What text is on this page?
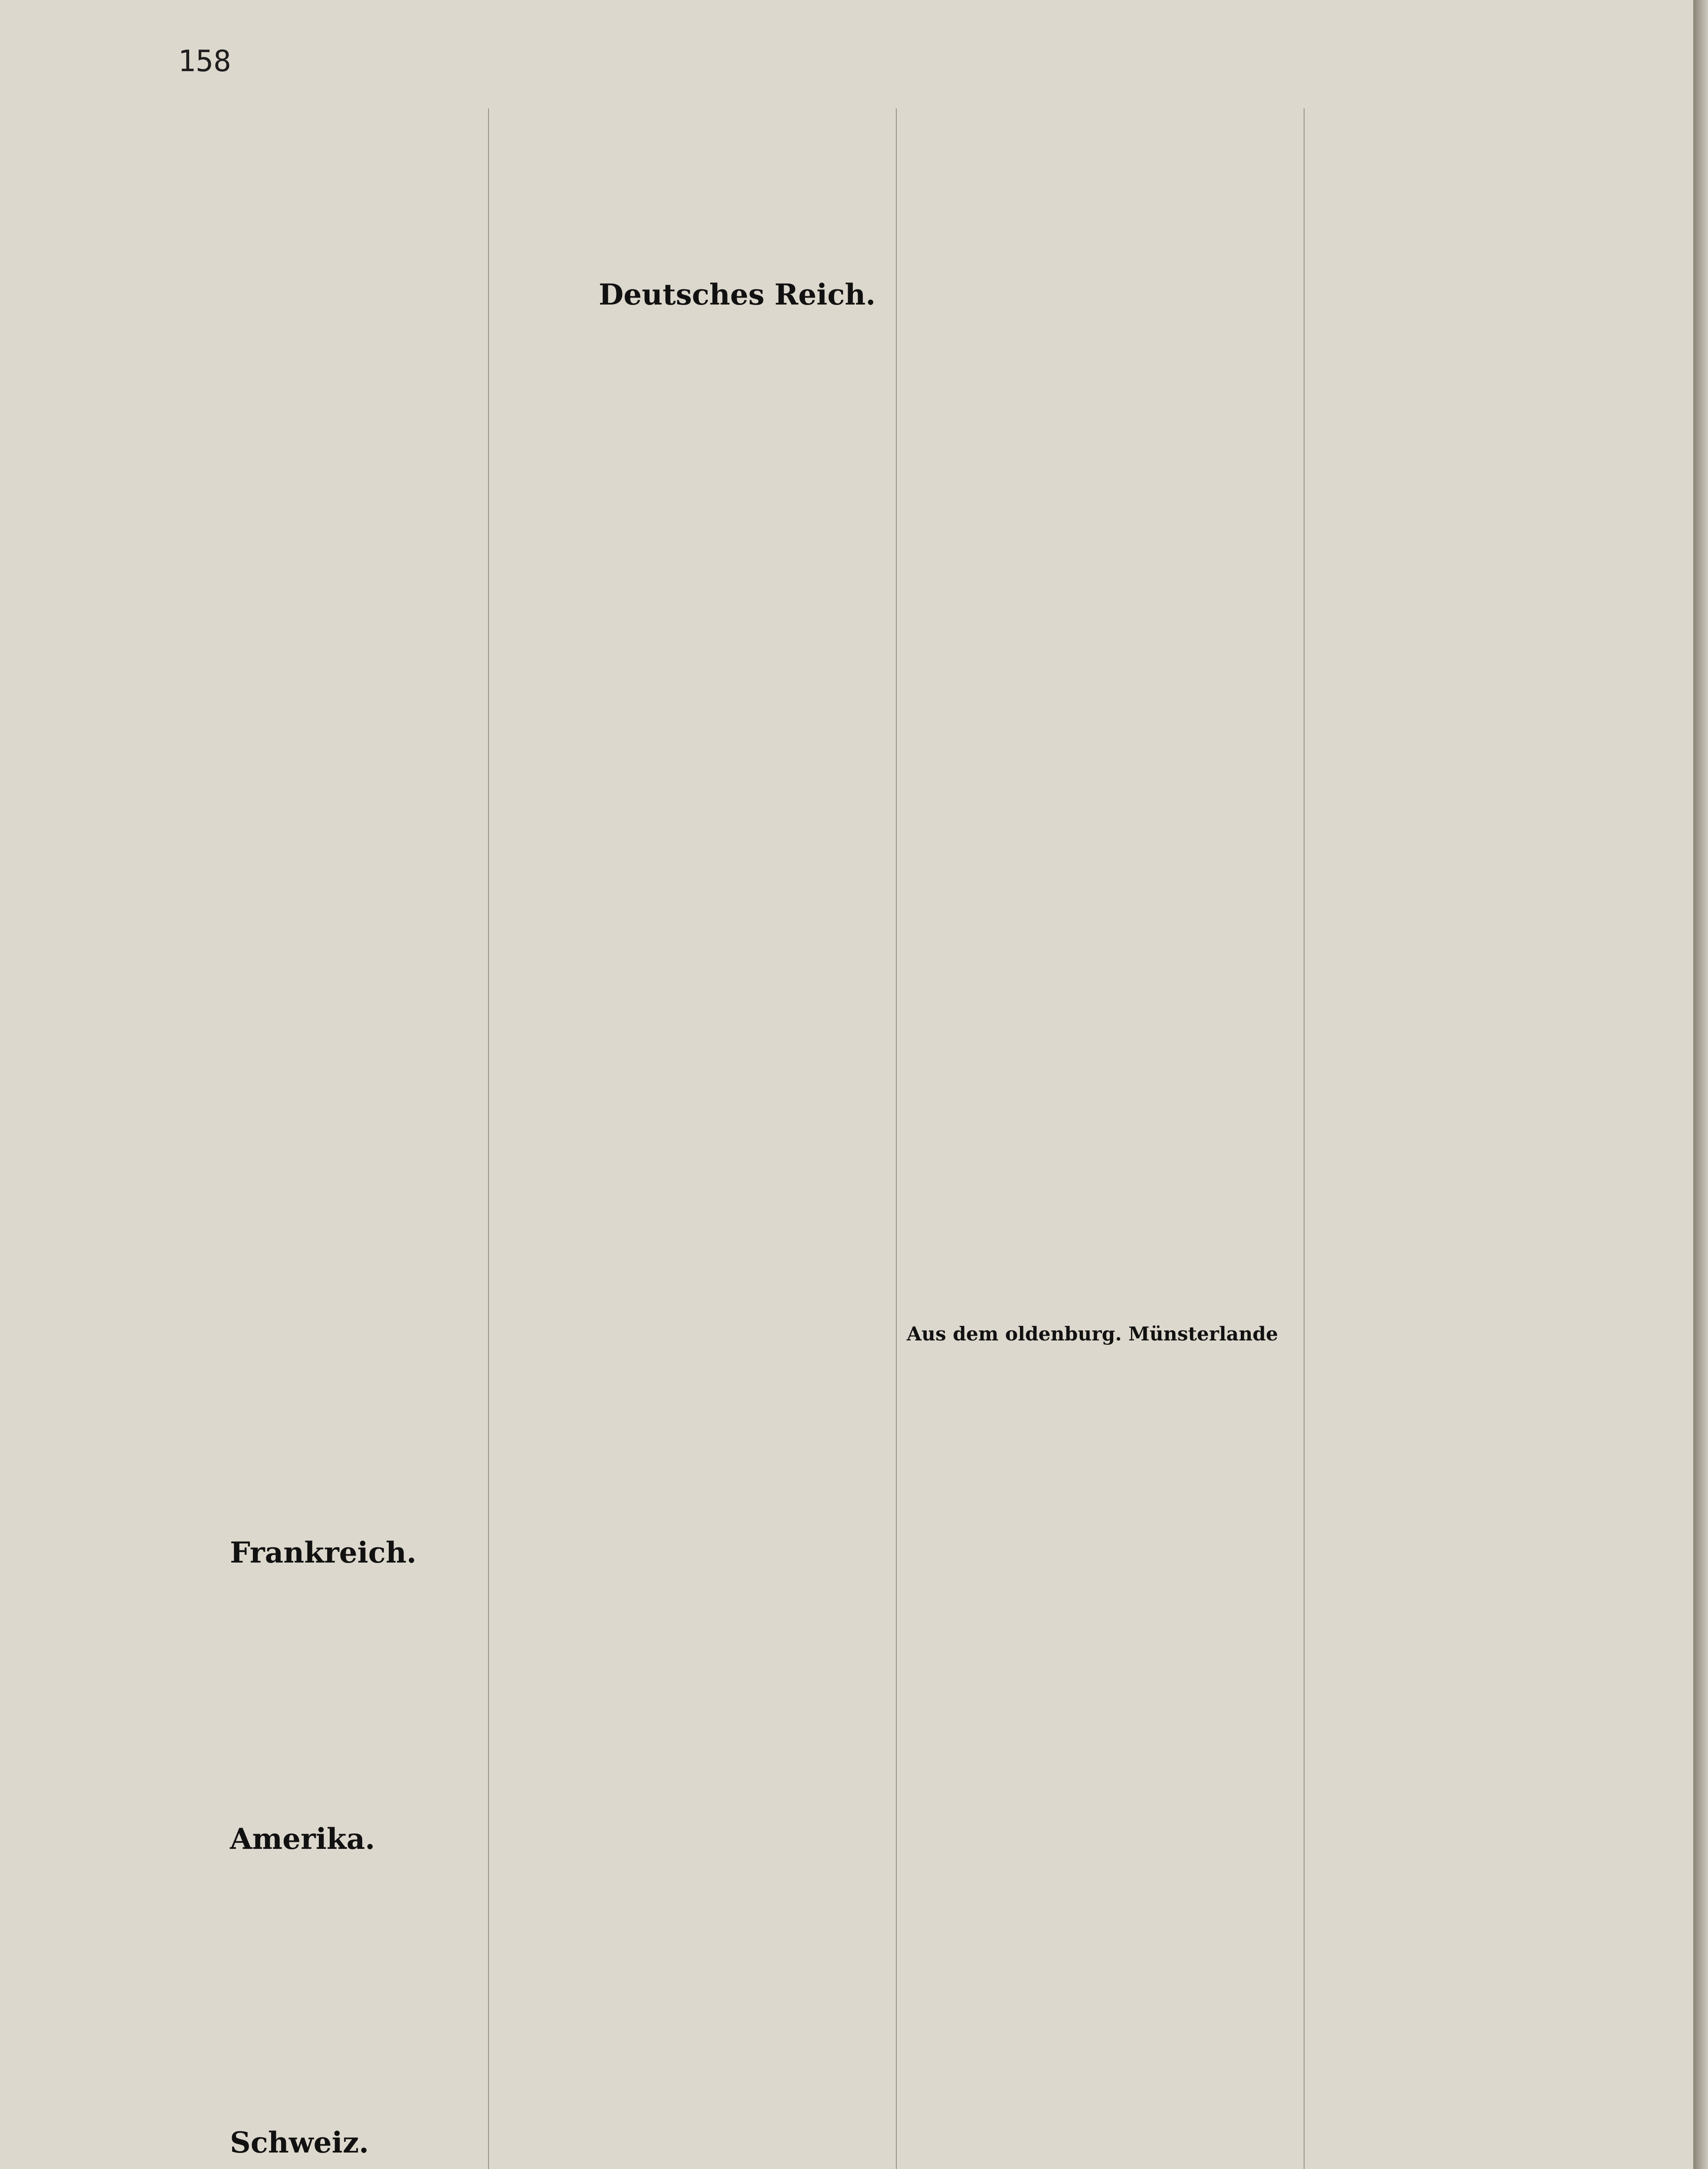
158
Deutsches Reich.
Frankreich.
Amerika.
Schweiz.
Aus dem oldenburg. Münsterlande
